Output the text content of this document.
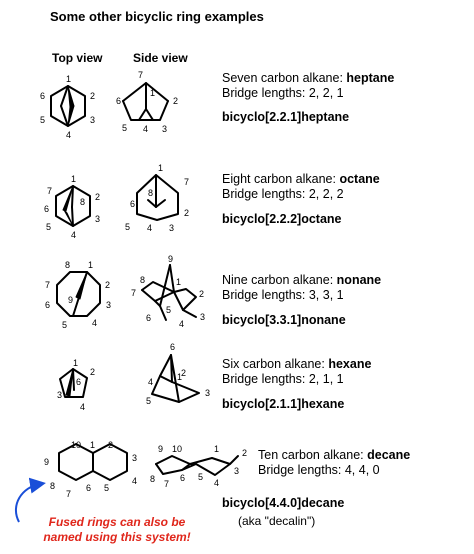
Some other bicyclic ring examples
Top view	Side view
Seven carbon alkane: heptane
Bridge lengths: 2, 2, 1
bicyclo[2.2.1]heptane
Eight carbon alkane: octane
Bridge lengths: 2, 2, 2
bicyclo[2.2.2]octane
Nine carbon alkane: nonane
Bridge lengths: 3, 3, 1
bicyclo[3.3.1]nonane
Six carbon alkane: hexane
Bridge lengths: 2, 1, 1
bicyclo[2.1.1]hexane
Ten carbon alkane: decane
Bridge lengths: 4, 4, 0
bicyclo[4.4.0]decane
(aka "decalin")
Fused rings can also be
named using this system!
1
2
3
4
5
6
7
1
2
3
4
5
6
1
2
3
4
5
6
7
8
1
7
8
2
3
4
5
6
8 1
2
7
9	3
6
4
5
9
8	1
2
7
3
6
5
4
1
2
6
3
4
6
1
2
3
4
5
10 1 2
9	3
8	5
4
7
6
9 10	1	2
8 7
6 5
4
3
